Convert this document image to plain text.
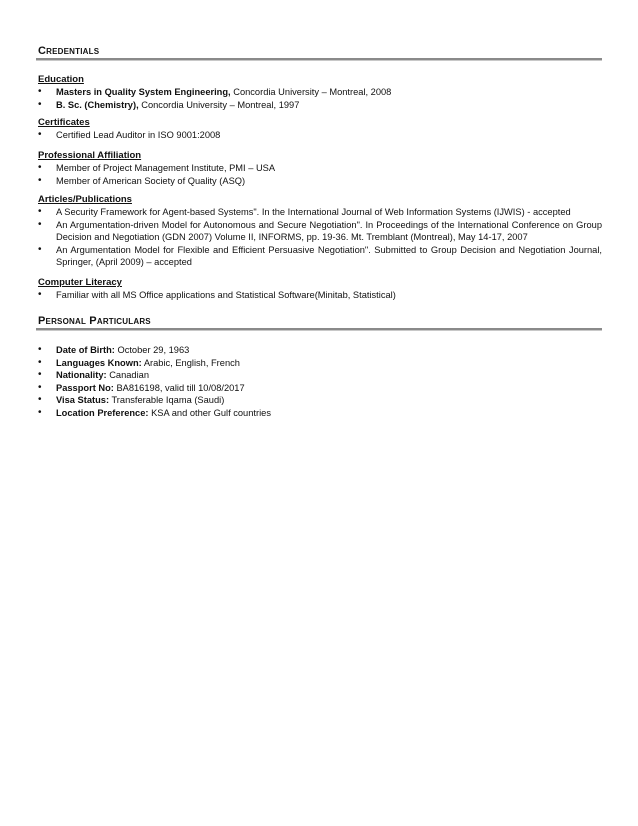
Credentials
Education
• Masters in Quality System Engineering, Concordia University – Montreal, 2008
• B. Sc. (Chemistry), Concordia University – Montreal, 1997
Certificates
• Certified Lead Auditor in ISO 9001:2008
Professional Affiliation
• Member of Project Management Institute, PMI – USA
• Member of American Society of Quality (ASQ)
Articles/Publications
• A Security Framework for Agent-based Systems". In the International Journal of Web Information Systems (IJWIS) - accepted
• An Argumentation-driven Model for Autonomous and Secure Negotiation". In Proceedings of the International Conference on Group Decision and Negotiation (GDN 2007) Volume II, INFORMS, pp. 19-36. Mt. Tremblant (Montreal), May 14-17, 2007
• An Argumentation Model for Flexible and Efficient Persuasive Negotiation". Submitted to Group Decision and Negotiation Journal, Springer, (April 2009) – accepted
Computer Literacy
• Familiar with all MS Office applications and Statistical Software(Minitab, Statistical)
Personal Particulars
• Date of Birth: October 29, 1963
• Languages Known: Arabic, English, French
• Nationality: Canadian
• Passport No: BA816198, valid till 10/08/2017
• Visa Status: Transferable Iqama (Saudi)
• Location Preference: KSA and other Gulf countries
